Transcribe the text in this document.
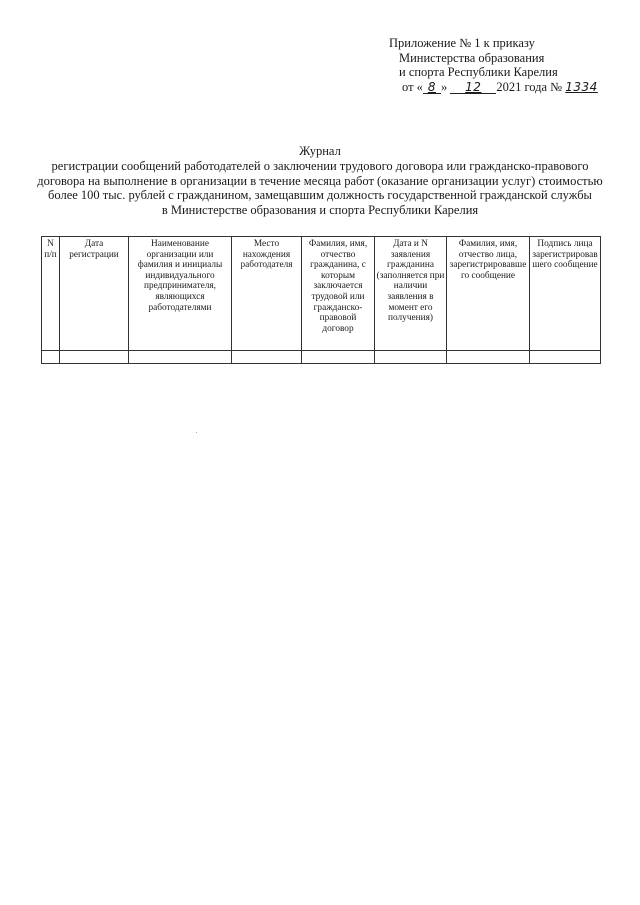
Приложение № 1 к приказу
Министерства образования
и спорта Республики Карелия
от « 8 » 12 2021 года № 1334
Журнал
регистрации сообщений работодателей о заключении трудового договора или гражданско-правового
договора на выполнение в организации в течение месяца работ (оказание организации услуг) стоимостью
более 100 тыс. рублей с гражданином, замещавшим должность государственной гражданской службы
в Министерстве образования и спорта Республики Карелия
N п/п	Дата регистрации	Наименование организации или фамилия и инициалы индивидуального предпринимателя, являющихся работодателями	Место нахождения работодателя	Фамилия, имя, отчество гражданина, с которым заключается трудовой или гражданско-правовой договор	Дата и N заявления гражданина (заполняется при наличии заявления в момент его получения)	Фамилия, имя, отчество лица, зарегистрировавшего сообщение	Подпись лица зарегистрировавшего сообщение
